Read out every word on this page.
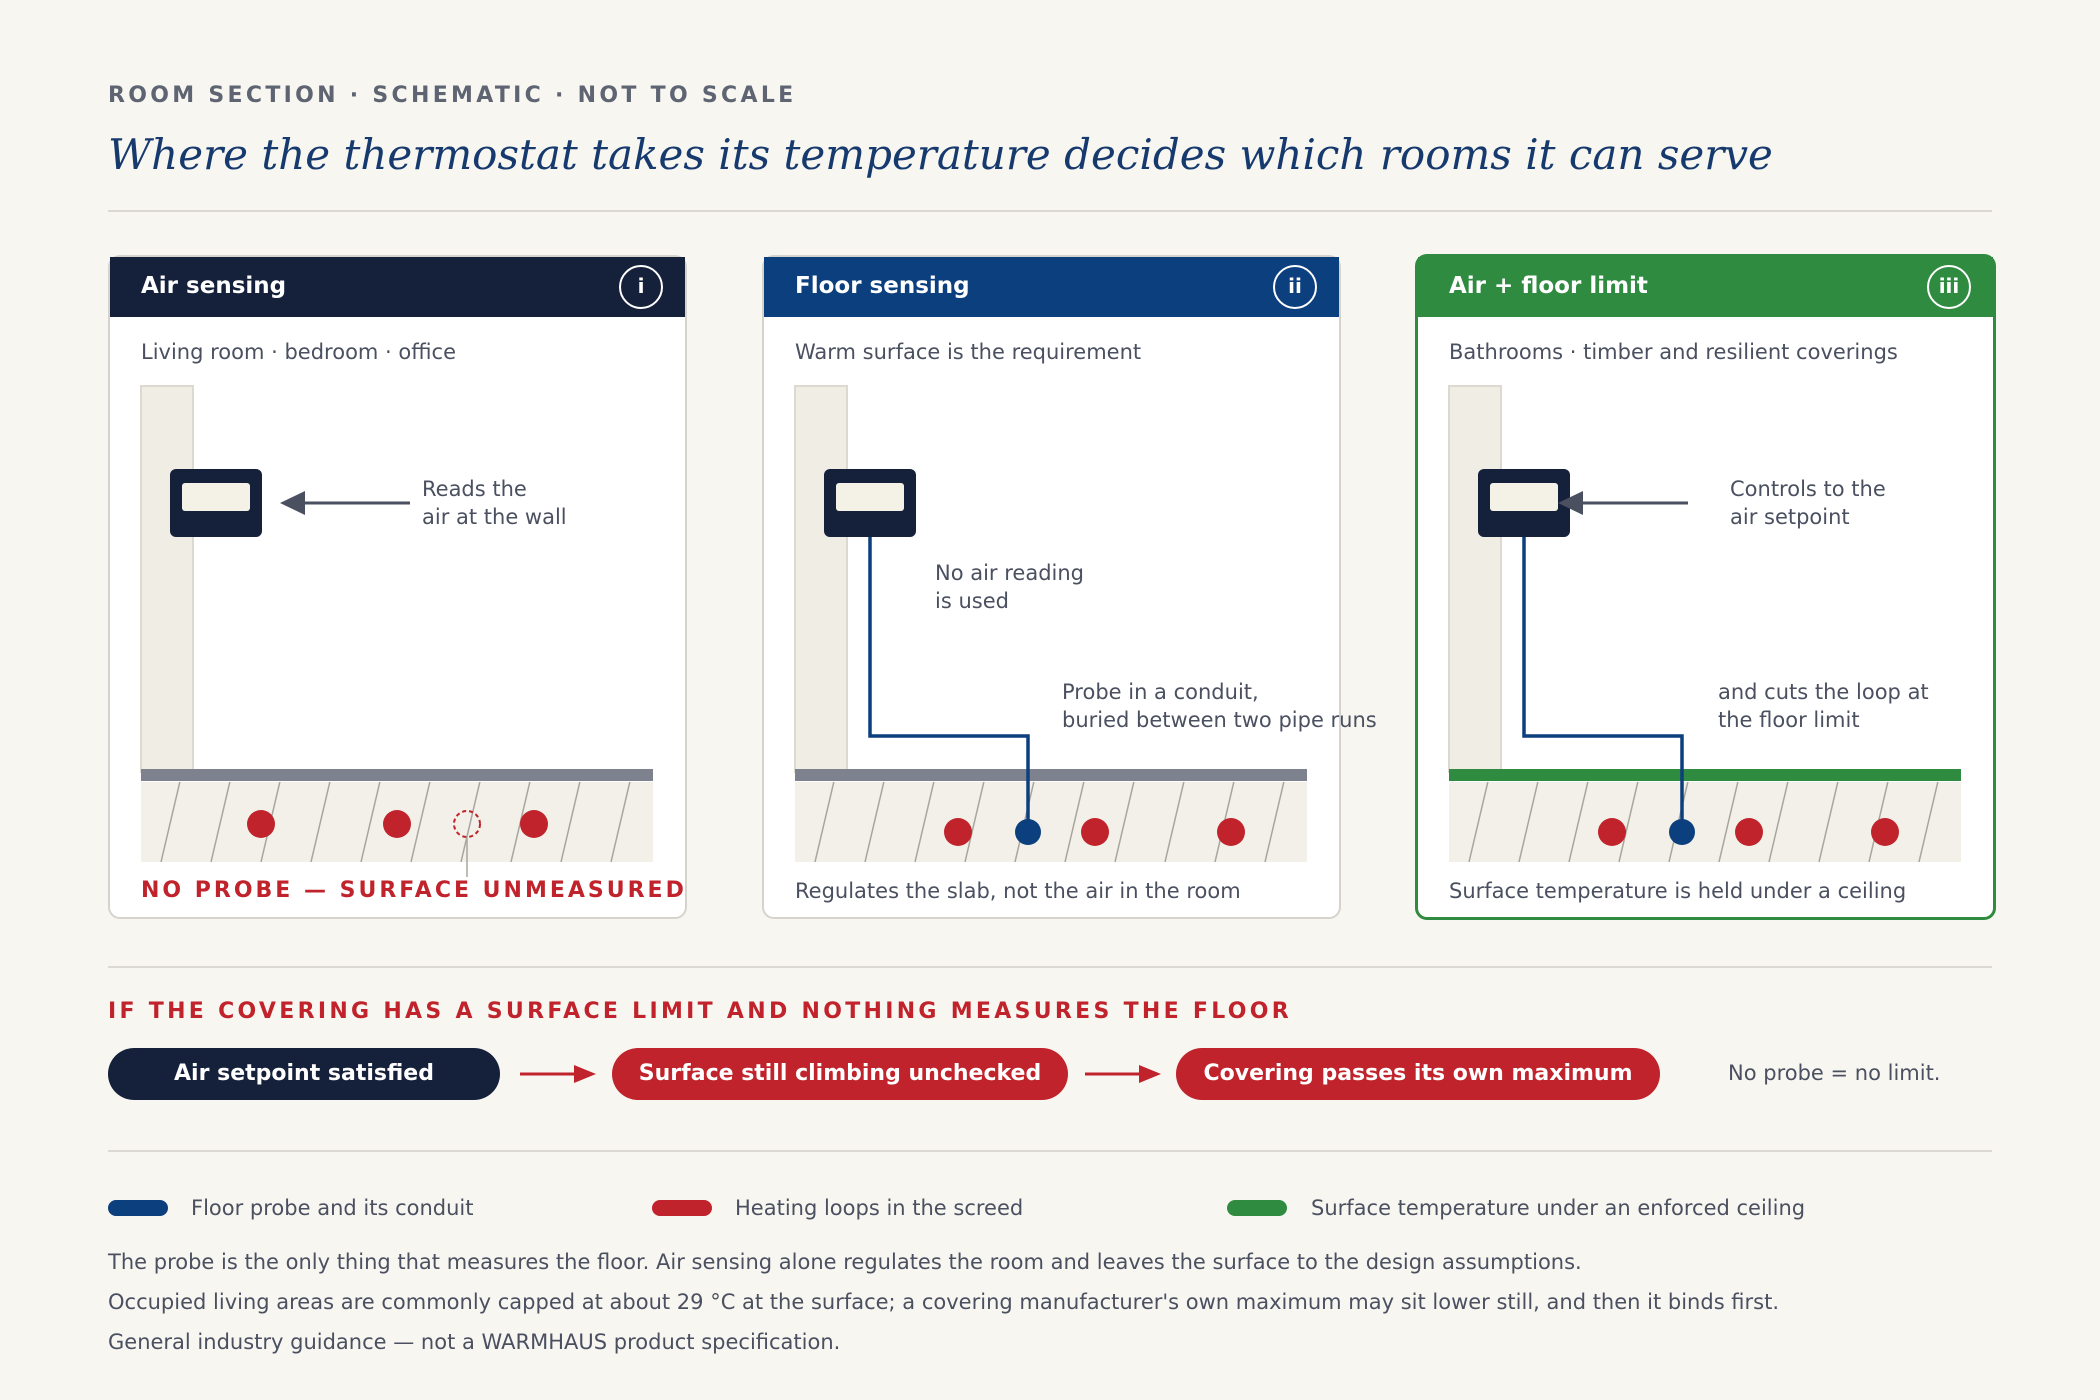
ROOM SECTION · SCHEMATIC · NOT TO SCALE
Where the thermostat takes its temperature decides which rooms it can serve
Air sensing	i
Living room · bedroom · office
Reads the
air at the wall
NO PROBE — SURFACE UNMEASURED
Floor sensing	ii
Warm surface is the requirement
No air reading
is used
Probe in a conduit,
buried between two pipe runs
Regulates the slab, not the air in the room
Air + floor limit	iii
Bathrooms · timber and resilient coverings
Controls to the
air setpoint
and cuts the loop at
the floor limit
Surface temperature is held under a ceiling
IF THE COVERING HAS A SURFACE LIMIT AND NOTHING MEASURES THE FLOOR
Air setpoint satisfied	Surface still climbing unchecked	Covering passes its own maximum	No probe = no limit.
Floor probe and its conduit	Heating loops in the screed	Surface temperature under an enforced ceiling
The probe is the only thing that measures the floor. Air sensing alone regulates the room and leaves the surface to the design assumptions.
Occupied living areas are commonly capped at about 29 °C at the surface; a covering manufacturer's own maximum may sit lower still, and then it binds first.
General industry guidance — not a WARMHAUS product specification.
